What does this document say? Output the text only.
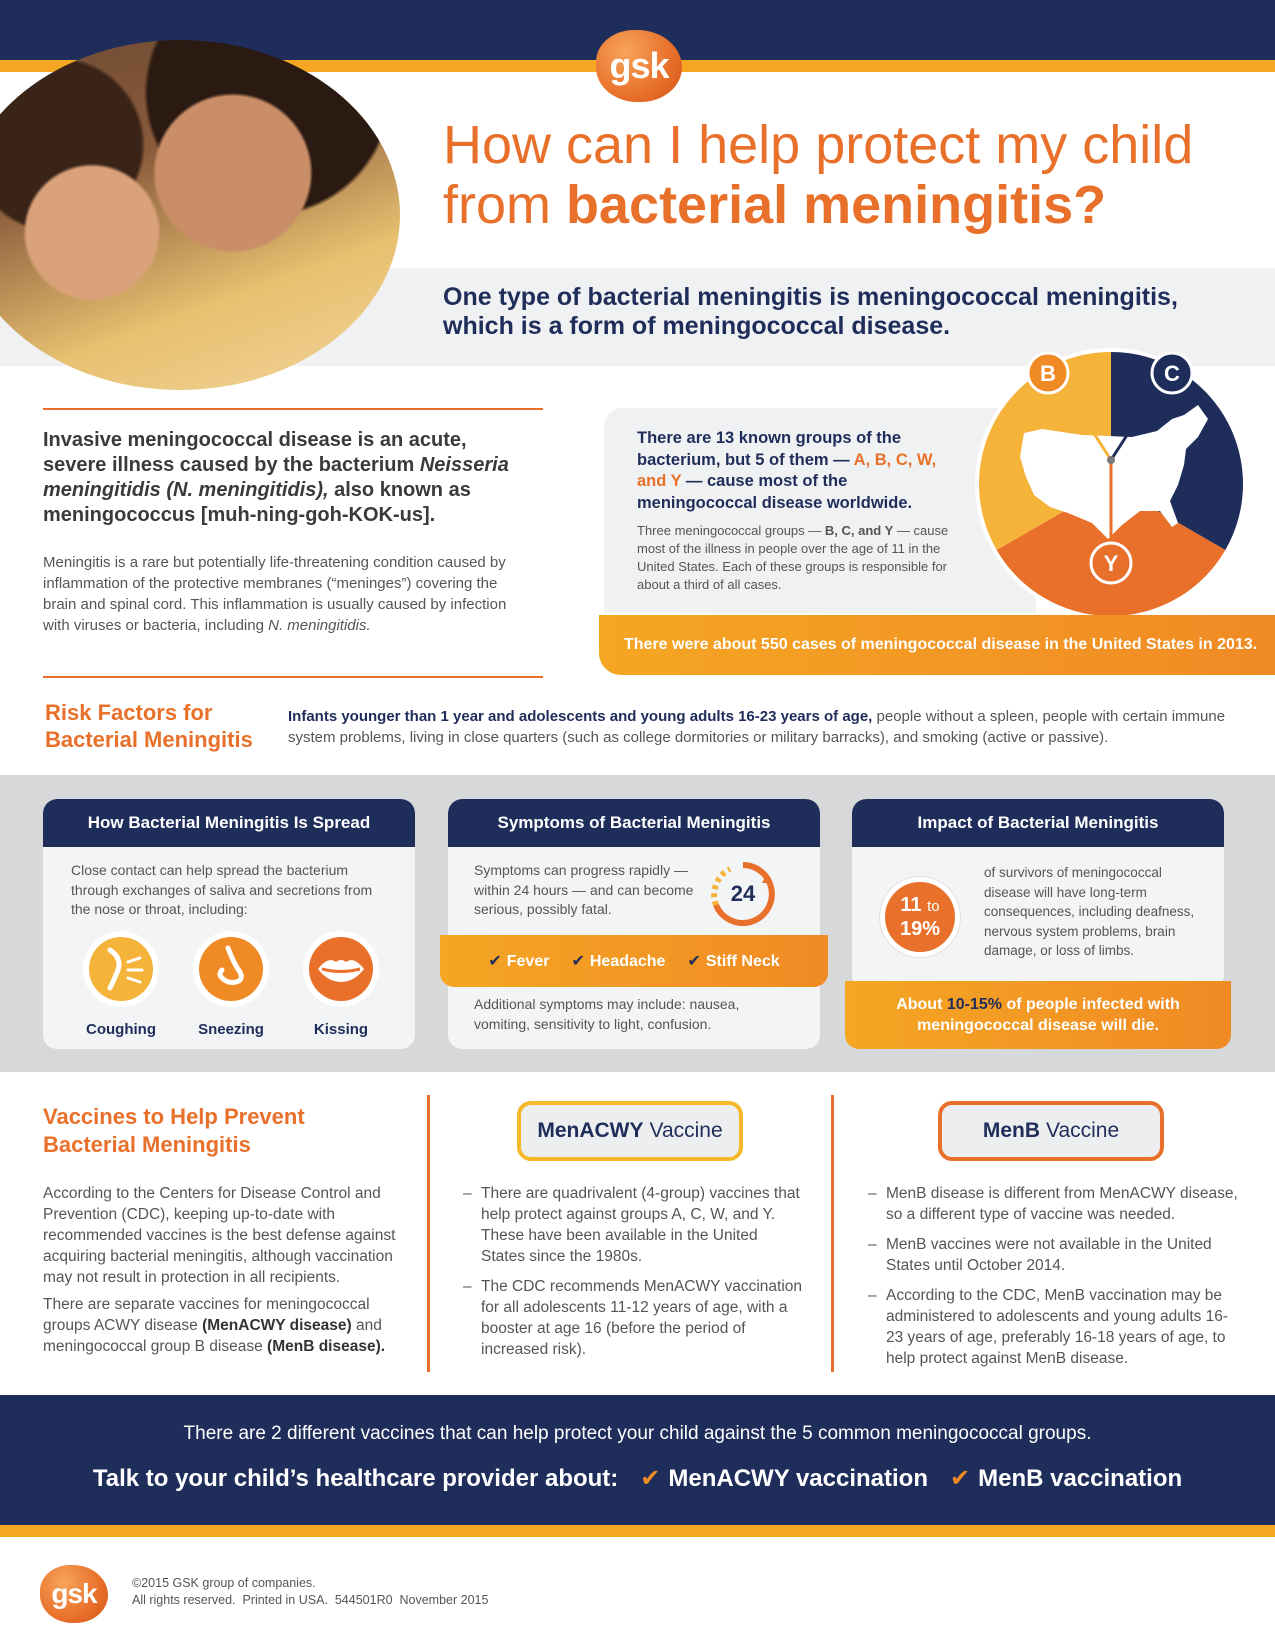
gsk
How can I help protect my child
from bacterial meningitis?
One type of bacterial meningitis is meningococcal meningitis, which is a form of meningococcal disease.
Invasive meningococcal disease is an acute, severe illness caused by the bacterium Neisseria meningitidis (N. meningitidis), also known as meningococcus [muh-ning-goh-KOK-us].
Meningitis is a rare but potentially life-threatening condition caused by inflammation of the protective membranes (“meninges”) covering the brain and spinal cord. This inflammation is usually caused by infection with viruses or bacteria, including N. meningitidis.
There are 13 known groups of the bacterium, but 5 of them — A, B, C, W, and Y — cause most of the meningococcal disease worldwide.
Three meningococcal groups — B, C, and Y — cause most of the illness in people over the age of 11 in the United States. Each of these groups is responsible for about a third of all cases.
B	C
Y
There were about 550 cases of meningococcal disease in the United States in 2013.
Risk Factors for Bacterial Meningitis
Infants younger than 1 year and adolescents and young adults 16-23 years of age, people without a spleen, people with certain immune system problems, living in close quarters (such as college dormitories or military barracks), and smoking (active or passive).
How Bacterial Meningitis Is Spread
Close contact can help spread the bacterium through exchanges of saliva and secretions from the nose or throat, including:
Coughing	Sneezing	Kissing
Symptoms of Bacterial Meningitis
Symptoms can progress rapidly — within 24 hours — and can become serious, possibly fatal.
24
Additional symptoms may include: nausea, vomiting, sensitivity to light, confusion.
✔ Fever ✔ Headache ✔ Stiff Neck
Impact of Bacterial Meningitis
11 to
19%
of survivors of meningococcal disease will have long-term consequences, including deafness, nervous system problems, brain damage, or loss of limbs.
About 10-15% of people infected with meningococcal disease will die.
Vaccines to Help Prevent Bacterial Meningitis
According to the Centers for Disease Control and Prevention (CDC), keeping up-to-date with recommended vaccines is the best defense against acquiring bacterial meningitis, although vaccination may not result in protection in all recipients.
There are separate vaccines for meningococcal groups ACWY disease (MenACWY disease) and meningococcal group B disease (MenB disease).
MenACWY Vaccine
– There are quadrivalent (4-group) vaccines that help protect against groups A, C, W, and Y. These have been available in the United States since the 1980s.
– The CDC recommends MenACWY vaccination for all adolescents 11-12 years of age, with a booster at age 16 (before the period of increased risk).
MenB Vaccine
– MenB disease is different from MenACWY disease, so a different type of vaccine was needed.
– MenB vaccines were not available in the United States until October 2014.
– According to the CDC, MenB vaccination may be administered to adolescents and young adults 16-23 years of age, preferably 16-18 years of age, to help protect against MenB disease.
There are 2 different vaccines that can help protect your child against the 5 common meningococcal groups.
Talk to your child’s healthcare provider about: ✔ MenACWY vaccination ✔ MenB vaccination
gsk	©2015 GSK group of companies.
All rights reserved.  Printed in USA.  544501R0  November 2015
